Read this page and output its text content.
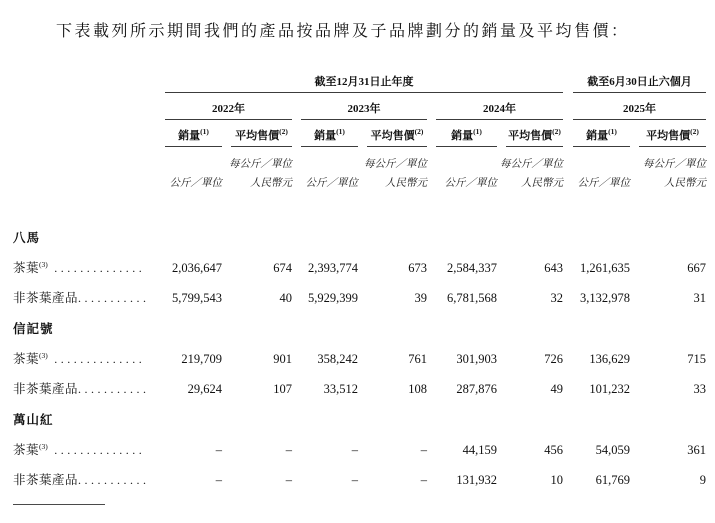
下表載列所示期間我們的產品按品牌及子品牌劃分的銷量及平均售價：

	截至12月31日止年度						截至6月30日止六個月	

	2022年		2023年		2024年		2025年	

	銷量$^{(1)}$	平均售價$^{(2)}$	銷量$^{(1)}$	平均售價$^{(2)}$	銷量$^{(1)}$	平均售價$^{(2)}$	銷量$^{(1)}$	平均售價$^{(2)}$

		每公斤／單位		每公斤／單位		每公斤／單位		每公斤／單位
	公斤／單位	人民幣元	公斤／單位	人民幣元	公斤／單位	人民幣元	公斤／單位	人民幣元
八馬								
茶葉$^{(3)}$ ..............	2,036,647	674	2,393,774	673	2,584,337	643	1,261,635	667
非茶葉產品...........	5,799,543	40	5,929,399	39	6,781,568	32	3,132,978	31
信記號								
茶葉$^{(3)}$ ..............	219,709	901	358,242	761	301,903	726	136,629	715
非茶葉產品...........	29,624	107	33,512	108	287,876	49	101,232	33
萬山紅								
茶葉$^{(3)}$ ..............	–	–	–	–	44,159	456	54,059	361
非茶葉產品...........	–	–	–	–	131,932	10	61,769	9
